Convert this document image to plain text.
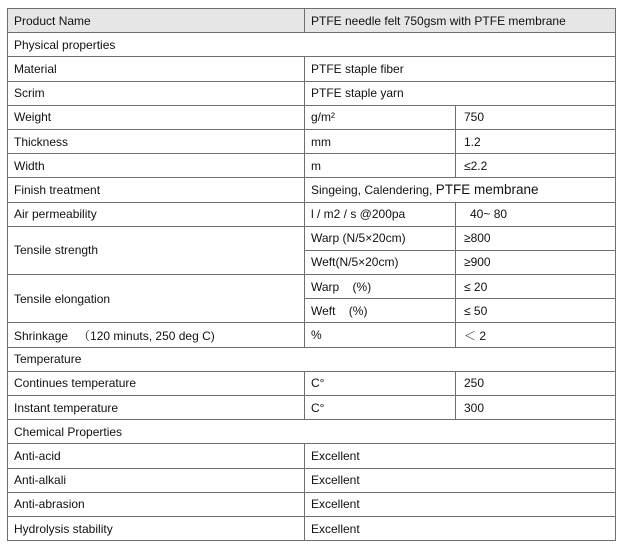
Product Name	PTFE needle felt 750gsm with PTFE membrane	
Physical properties		
Material	PTFE staple fiber	
Scrim	PTFE staple yarn	
Weight	g/m²	750
Thickness	mm	1.2
Width	m	≤2.2
Finish treatment	Singeing, Calendering, PTFE membrane	
Air permeability	l / m2 / s @200pa	40~ 80
Tensile strength	Warp (N/5×20cm)	≥800
	Weft(N/5×20cm)	≥900
Tensile elongation	Warp    (%)	≤ 20
	Weft    (%)	≤ 50
Shrinkage   （120 minuts, 250 deg C)	%	＜ 2
Temperature		
Continues temperature	C°	250
Instant temperature	C°	300
Chemical Properties		
Anti-acid	Excellent	
Anti-alkali	Excellent	
Anti-abrasion	Excellent	
Hydrolysis stability	Excellent	
